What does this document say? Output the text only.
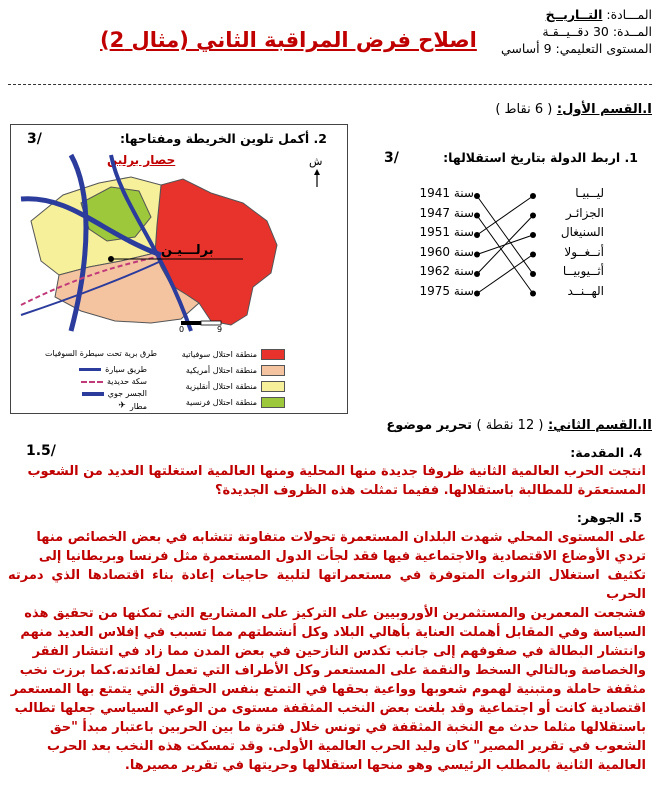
المـــادة: التــاريــخ
المــدة: 30 دقــيــقـة
المستوى التعليمي: 9 أساسي
اصلاح فرض المراقبة الثاني (مثال 2)
I.القسم الأول: ( 6 نقاط )
1. اربط الدولة بتاريخ استقلالها:
3/
سنة 1941
سنة 1947
سنة 1951
سنة 1960
سنة 1962
سنة 1975
ليــبيـا
الجزائـر
السنيغال
أنــغــولا
أثــيوبيــا
الهــنــد
2. أكمل تلوين الخريطة ومفتاحها:
3/
حصار برلين	ش
برلـــيـن
0	9
منطقة احتلال سوفياتية
منطقة احتلال أمريكية
منطقة احتلال أنقليزية
منطقة احتلال فرنسية
طرق برية تحت سيطرة السوفيات
طريق سيارة
سكة حديدية
الجسر جوي
مطار
✈
II.القسم الثاني: ( 12 نقطة ) تحرير موضوع
4. المقدمة:
1.5/
انتجت الحرب العالمية الثانية ظروفا جديدة منها المحلية ومنها العالمية استغلتها العديد من الشعوب
المستعمَرة للمطالبة باستقلالها. ففيما تمثلت هذه الظروف الجديدة؟
5. الجوهر:
على المستوى المحلي شهدت البلدان المستعمرة تحولات متفاوتة تتشابه في بعض الخصائص منها
تردي الأوضاع الاقتصادية والاجتماعية فيها فقد لجأت الدول المستعمرة مثل فرنسا وبريطانيا إلى
تكثيف استغلال الثروات المتوفرة في مستعمراتها لتلبية حاجيات إعادة بناء اقتصادها الذي دمرته الحرب
فشجعت المعمرين والمستثمرين الأوروبيين على التركيز على المشاريع التي تمكنها من تحقيق هذه
السياسة وفي المقابل أهملت العناية بأهالي البلاد وكل أنشطتهم مما تسبب في إفلاس العديد منهم
وانتشار البطالة في صفوفهم إلى جانب تكدس النازحين في بعض المدن مما زاد في انتشار الفقر
والخصاصة وبالتالي السخط والنقمة على المستعمر وكل الأطراف التي تعمل لفائدته.كما برزت نخب
مثقفة حاملة ومتبنية لهموم شعوبها وواعية بحقها في التمتع بنفس الحقوق التي يتمتع بها المستعمر
اقتصادية كانت أو اجتماعية وقد بلغت بعض النخب المثقفة مستوى من الوعي السياسي جعلها تطالب
باستقلالها مثلما حدث مع النخبة المثقفة في تونس خلال فترة ما بين الحربين باعتبار مبدأ "حق
الشعوب في تقرير المصير" كان وليد الحرب العالمية الأولى. وقد تمسكت هذه النخب بعد الحرب
العالمية الثانية بالمطلب الرئيسي وهو منحها استقلالها وحريتها في تقرير مصيرها.
